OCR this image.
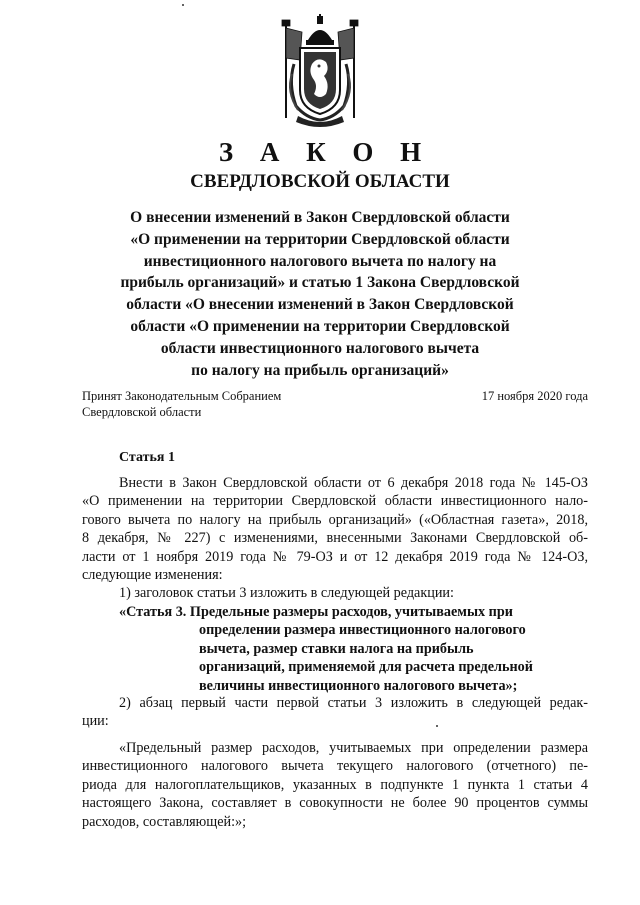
З А К О Н
СВЕРДЛОВСКОЙ ОБЛАСТИ
О внесении изменений в Закон Свердловской области
«О применении на территории Свердловской области
инвестиционного налогового вычета по налогу на
прибыль организаций» и статью 1 Закона Свердловской
области «О внесении изменений в Закон Свердловской
области «О применении на территории Свердловской
области инвестиционного налогового вычета
по налогу на прибыль организаций»
Принят Законодательным Собранием
Свердловской области
17 ноября 2020 года
Статья 1
Внести в Закон Свердловской области от 6 декабря 2018 года № 145-ОЗ
«О применении на территории Свердловской области инвестиционного нало-
гового вычета по налогу на прибыль организаций» («Областная газета», 2018,
8 декабря, № 227) с изменениями, внесенными Законами Свердловской об-
ласти от 1 ноября 2019 года № 79-ОЗ и от 12 декабря 2019 года № 124-ОЗ,
следующие изменения:
1) заголовок статьи 3 изложить в следующей редакции:
«Статья 3. Предельные размеры расходов, учитываемых при
определении размера инвестиционного налогового
вычета, размер ставки налога на прибыль
организаций, применяемой для расчета предельной
величины инвестиционного налогового вычета»;
2) абзац первый части первой статьи 3 изложить в следующей редак-
ции:
«Предельный размер расходов, учитываемых при определении размера
инвестиционного налогового вычета текущего налогового (отчетного) пе-
риода для налогоплательщиков, указанных в подпункте 1 пункта 1 статьи 4
настоящего Закона, составляет в совокупности не более 90 процентов суммы
расходов, составляющей:»;
